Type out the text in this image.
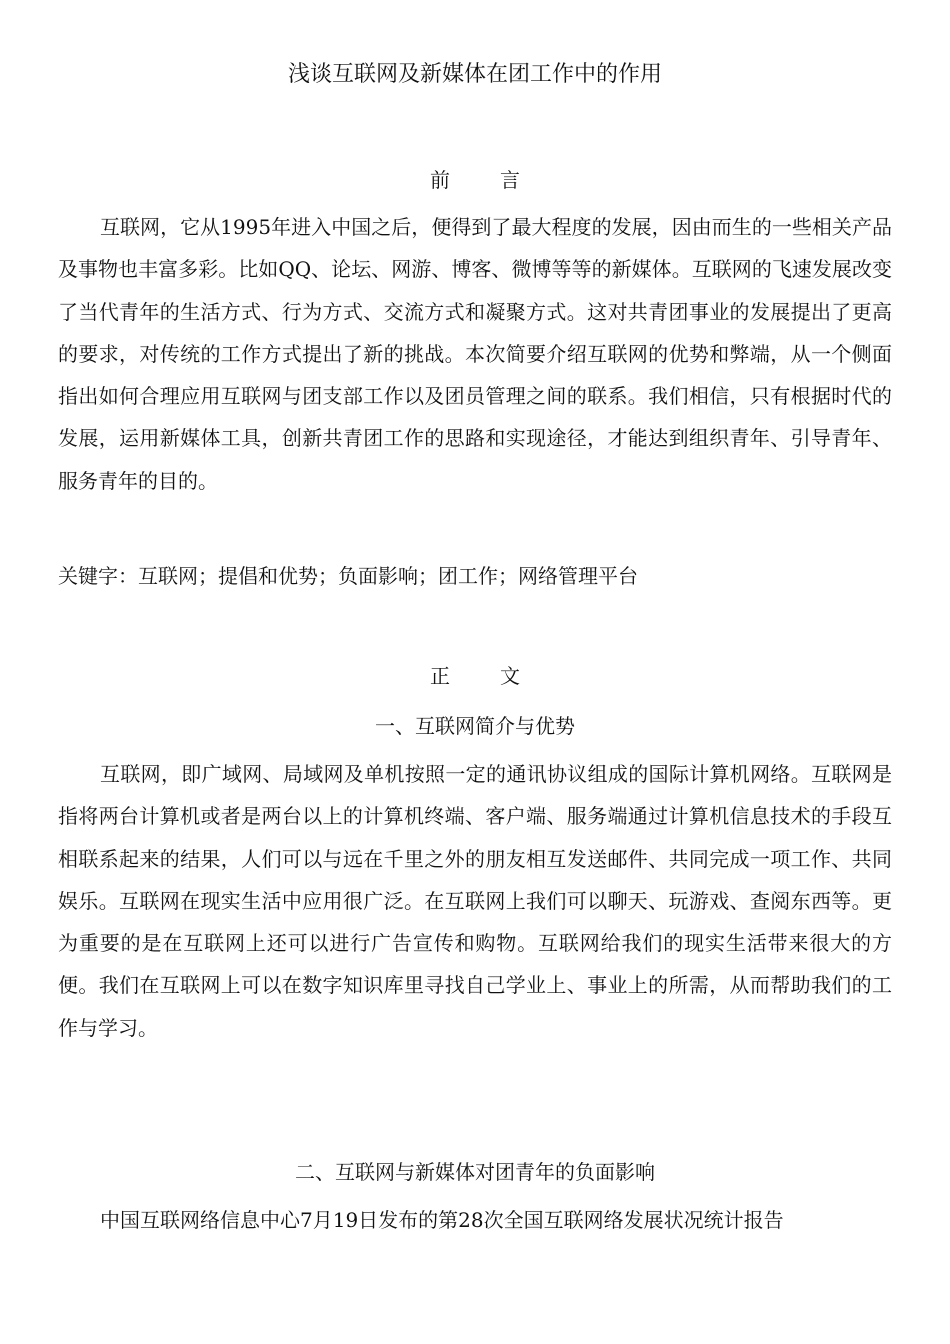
浅谈互联网及新媒体在团工作中的作用
前	言

互联网，它从1995年进入中国之后，便得到了最大程度的发展，因由而生的一些相关产品及事物也丰富多彩。比如QQ、论坛、网游、博客、微博等等的新媒体。互联网的飞速发展改变了当代青年的生活方式、行为方式、交流方式和凝聚方式。这对共青团事业的发展提出了更高的要求，对传统的工作方式提出了新的挑战。本次简要介绍互联网的优势和弊端，从一个侧面指出如何合理应用互联网与团支部工作以及团员管理之间的联系。我们相信，只有根据时代的发展，运用新媒体工具，创新共青团工作的思路和实现途径，才能达到组织青年、引导青年、服务青年的目的。

关键字：互联网；提倡和优势；负面影响；团工作；网络管理平台

正	文
一、互联网简介与优势

互联网，即广域网、局域网及单机按照一定的通讯协议组成的国际计算机网络。互联网是指将两台计算机或者是两台以上的计算机终端、客户端、服务端通过计算机信息技术的手段互相联系起来的结果，人们可以与远在千里之外的朋友相互发送邮件、共同完成一项工作、共同娱乐。互联网在现实生活中应用很广泛。在互联网上我们可以聊天、玩游戏、查阅东西等。更为重要的是在互联网上还可以进行广告宣传和购物。互联网给我们的现实生活带来很大的方便。我们在互联网上可以在数字知识库里寻找自己学业上、事业上的所需，从而帮助我们的工作与学习。

二、互联网与新媒体对团青年的负面影响

中国互联网络信息中心7月19日发布的第28次全国互联网络发展状况统计报告
